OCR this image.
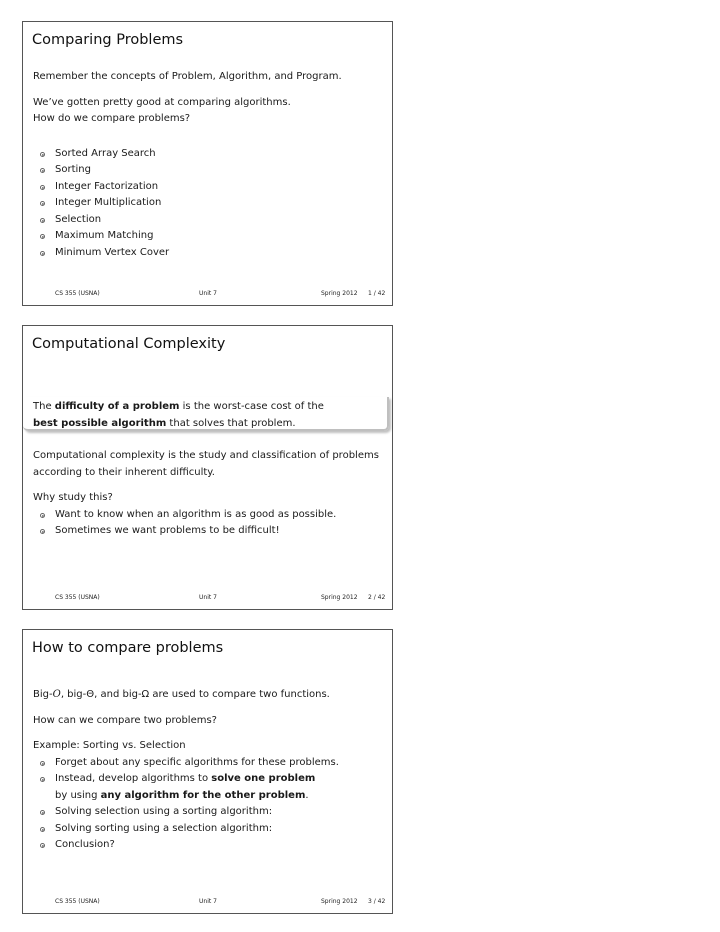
Comparing Problems

Remember the concepts of Problem, Algorithm, and Program.

We’ve gotten pretty good at comparing algorithms.

How do we compare problems?

Sorted Array Search
Sorting
Integer Factorization
Integer Multiplication
Selection
Maximum Matching
Minimum Vertex Cover
CS 355 (USNA)	Unit 7	Spring 2012 1 / 42
Computational Complexity
The difficulty of a problem is the worst-case cost of the
best possible algorithm that solves that problem.

Computational complexity is the study and classification of problems

according to their inherent difficulty.

Why study this?

Want to know when an algorithm is as good as possible.
Sometimes we want problems to be difficult!
CS 355 (USNA)	Unit 7	Spring 2012 2 / 42
How to compare problems

Big-O, big-Θ, and big-Ω are used to compare two functions.

How can we compare two problems?

Example: Sorting vs. Selection

Forget about any specific algorithms for these problems.
Instead, develop algorithms to solve one problem
by using any algorithm for the other problem.
Solving selection using a sorting algorithm:
Solving sorting using a selection algorithm:
Conclusion?
CS 355 (USNA)	Unit 7	Spring 2012 3 / 42
